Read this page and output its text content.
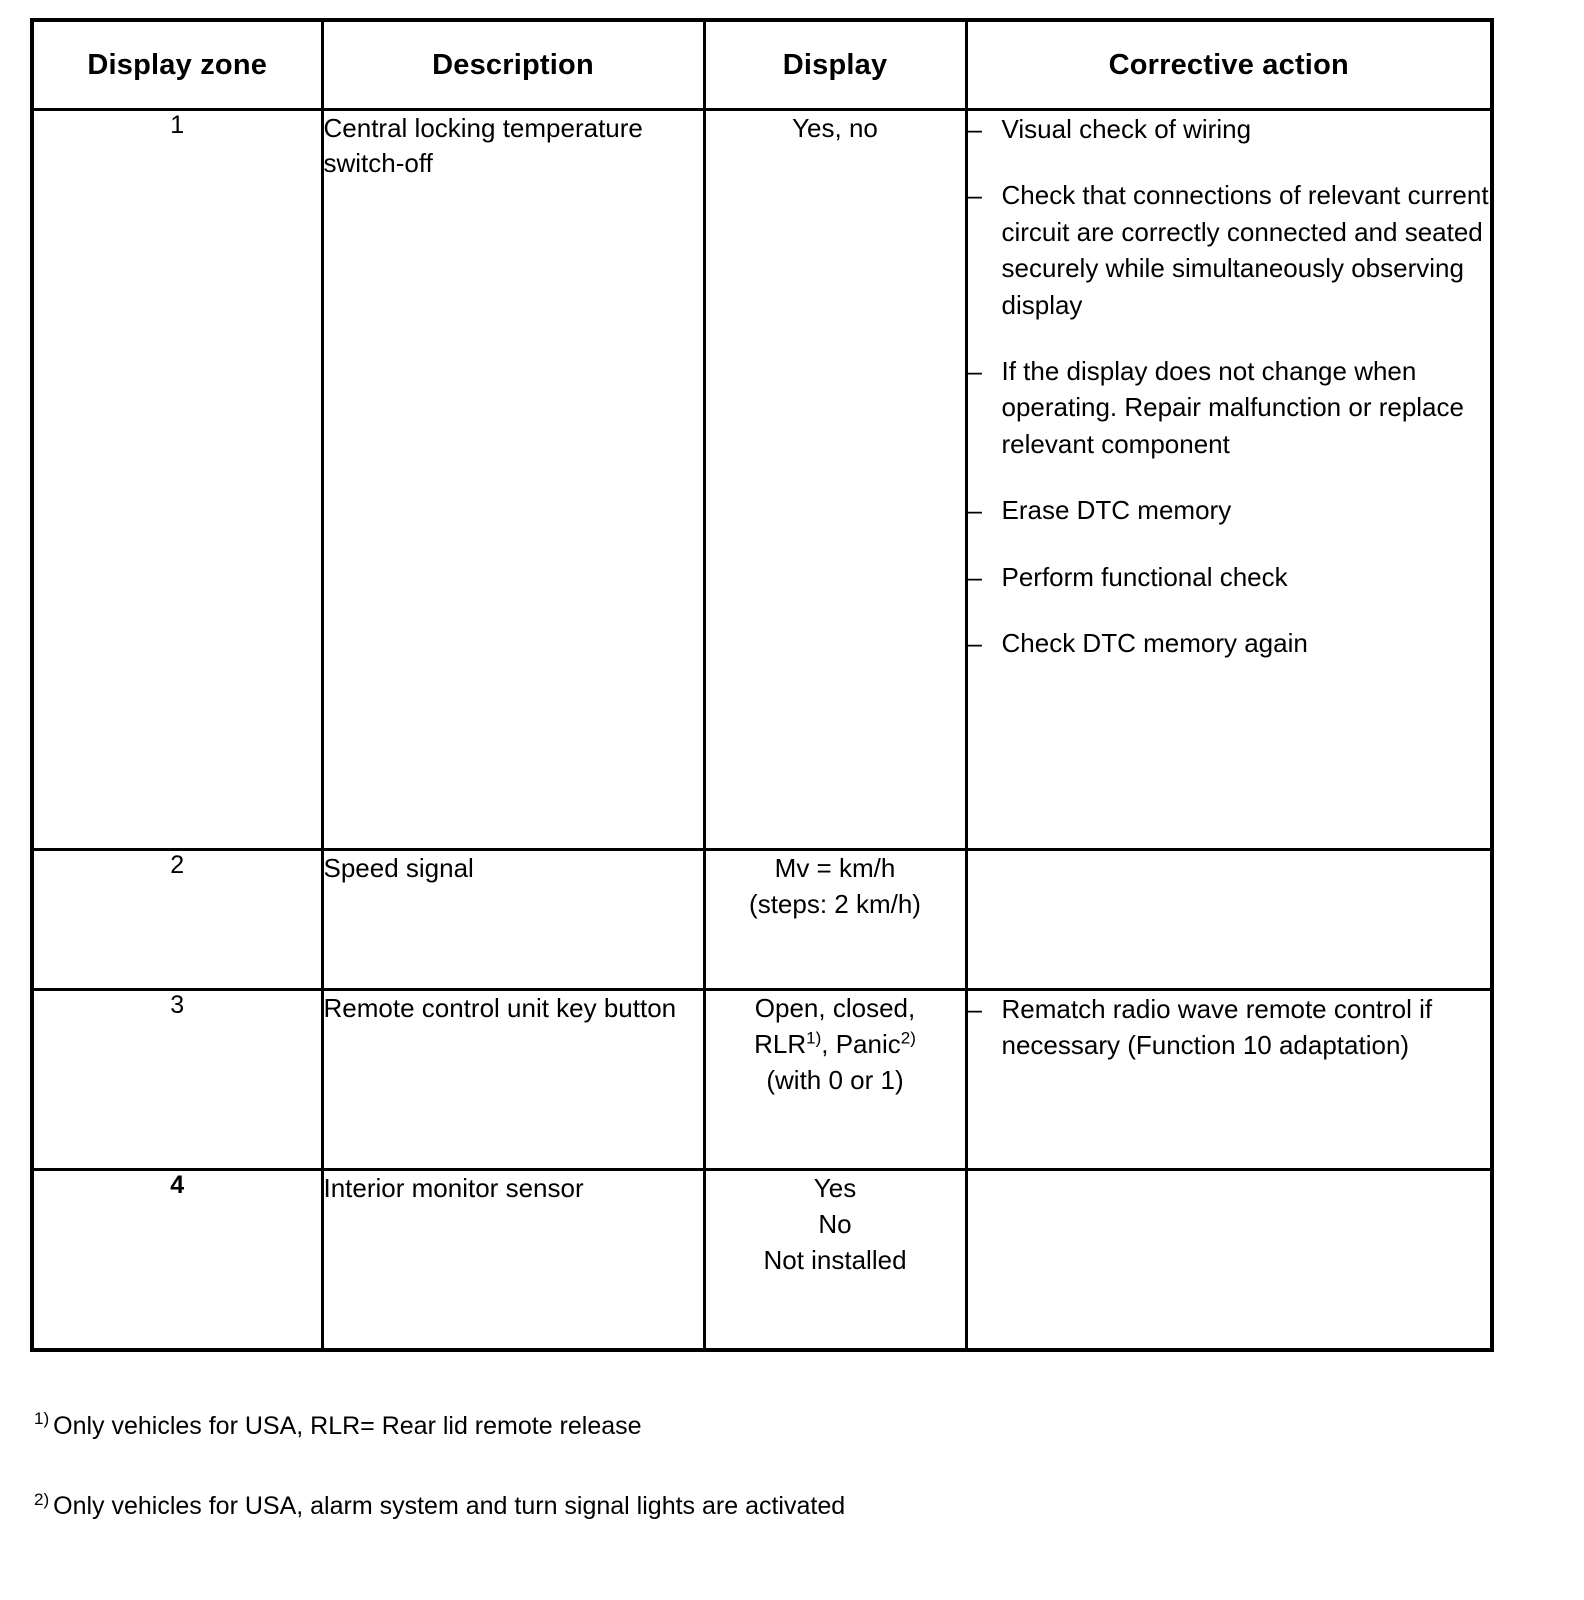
Display zone	Description	Display	Corrective action
1	Central locking temperature switch-off	Yes, no	
–Visual check of wiring
– Check that connections of relevant current circuit are correctly connected and seated securely while simultaneously observing display
– If the display does not change when operating. Repair malfunction or replace relevant component
– Erase DTC memory
– Perform functional check
– Check DTC memory again

2	Speed signal	Mv = km/h
(steps: 2 km/h)	

3	Remote control unit key button	Open, closed,
RLR$^{1)}$, Panic$^{2)}$
(with 0 or 1)

– Rematch radio wave remote control if necessary (Function 10 adaptation)

4	Interior monitor sensor	Yes
No
Not installed	

$^{1)}$ Only vehicles for USA, RLR= Rear lid remote release
$^{2)}$ Only vehicles for USA, alarm system and turn signal lights are activated
